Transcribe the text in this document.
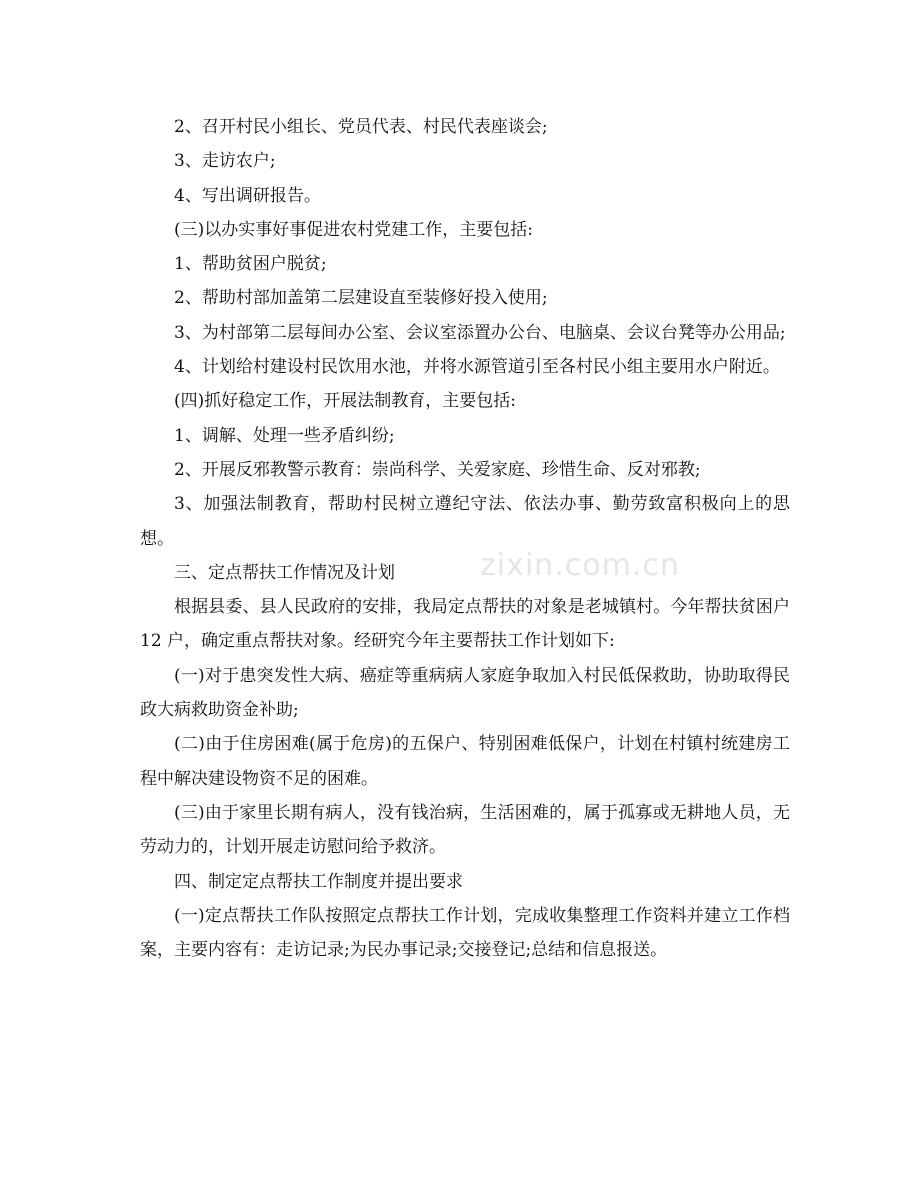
zixin.com.cn

2、召开村民小组长、党员代表、村民代表座谈会;

3、走访农户;

4、写出调研报告。

(三)以办实事好事促进农村党建工作，主要包括:

1、帮助贫困户脱贫;

2、帮助村部加盖第二层建设直至装修好投入使用;

3、为村部第二层每间办公室、会议室添置办公台、电脑桌、会议台凳等办公用品;

4、计划给村建设村民饮用水池，并将水源管道引至各村民小组主要用水户附近。

(四)抓好稳定工作，开展法制教育，主要包括:

1、调解、处理一些矛盾纠纷;

2、开展反邪教警示教育：崇尚科学、关爱家庭、珍惜生命、反对邪教;

3、加强法制教育，帮助村民树立遵纪守法、依法办事、勤劳致富积极向上的思想。

三、定点帮扶工作情况及计划

根据县委、县人民政府的安排，我局定点帮扶的对象是老城镇村。今年帮扶贫困户 12 户，确定重点帮扶对象。经研究今年主要帮扶工作计划如下:

(一)对于患突发性大病、癌症等重病病人家庭争取加入村民低保救助，协助取得民政大病救助资金补助;

(二)由于住房困难(属于危房)的五保户、特别困难低保户，计划在村镇村统建房工程中解决建设物资不足的困难。

(三)由于家里长期有病人，没有钱治病，生活困难的，属于孤寡或无耕地人员，无劳动力的，计划开展走访慰问给予救济。

四、制定定点帮扶工作制度并提出要求

(一)定点帮扶工作队按照定点帮扶工作计划，完成收集整理工作资料并建立工作档案，主要内容有：走访记录;为民办事记录;交接登记;总结和信息报送。
